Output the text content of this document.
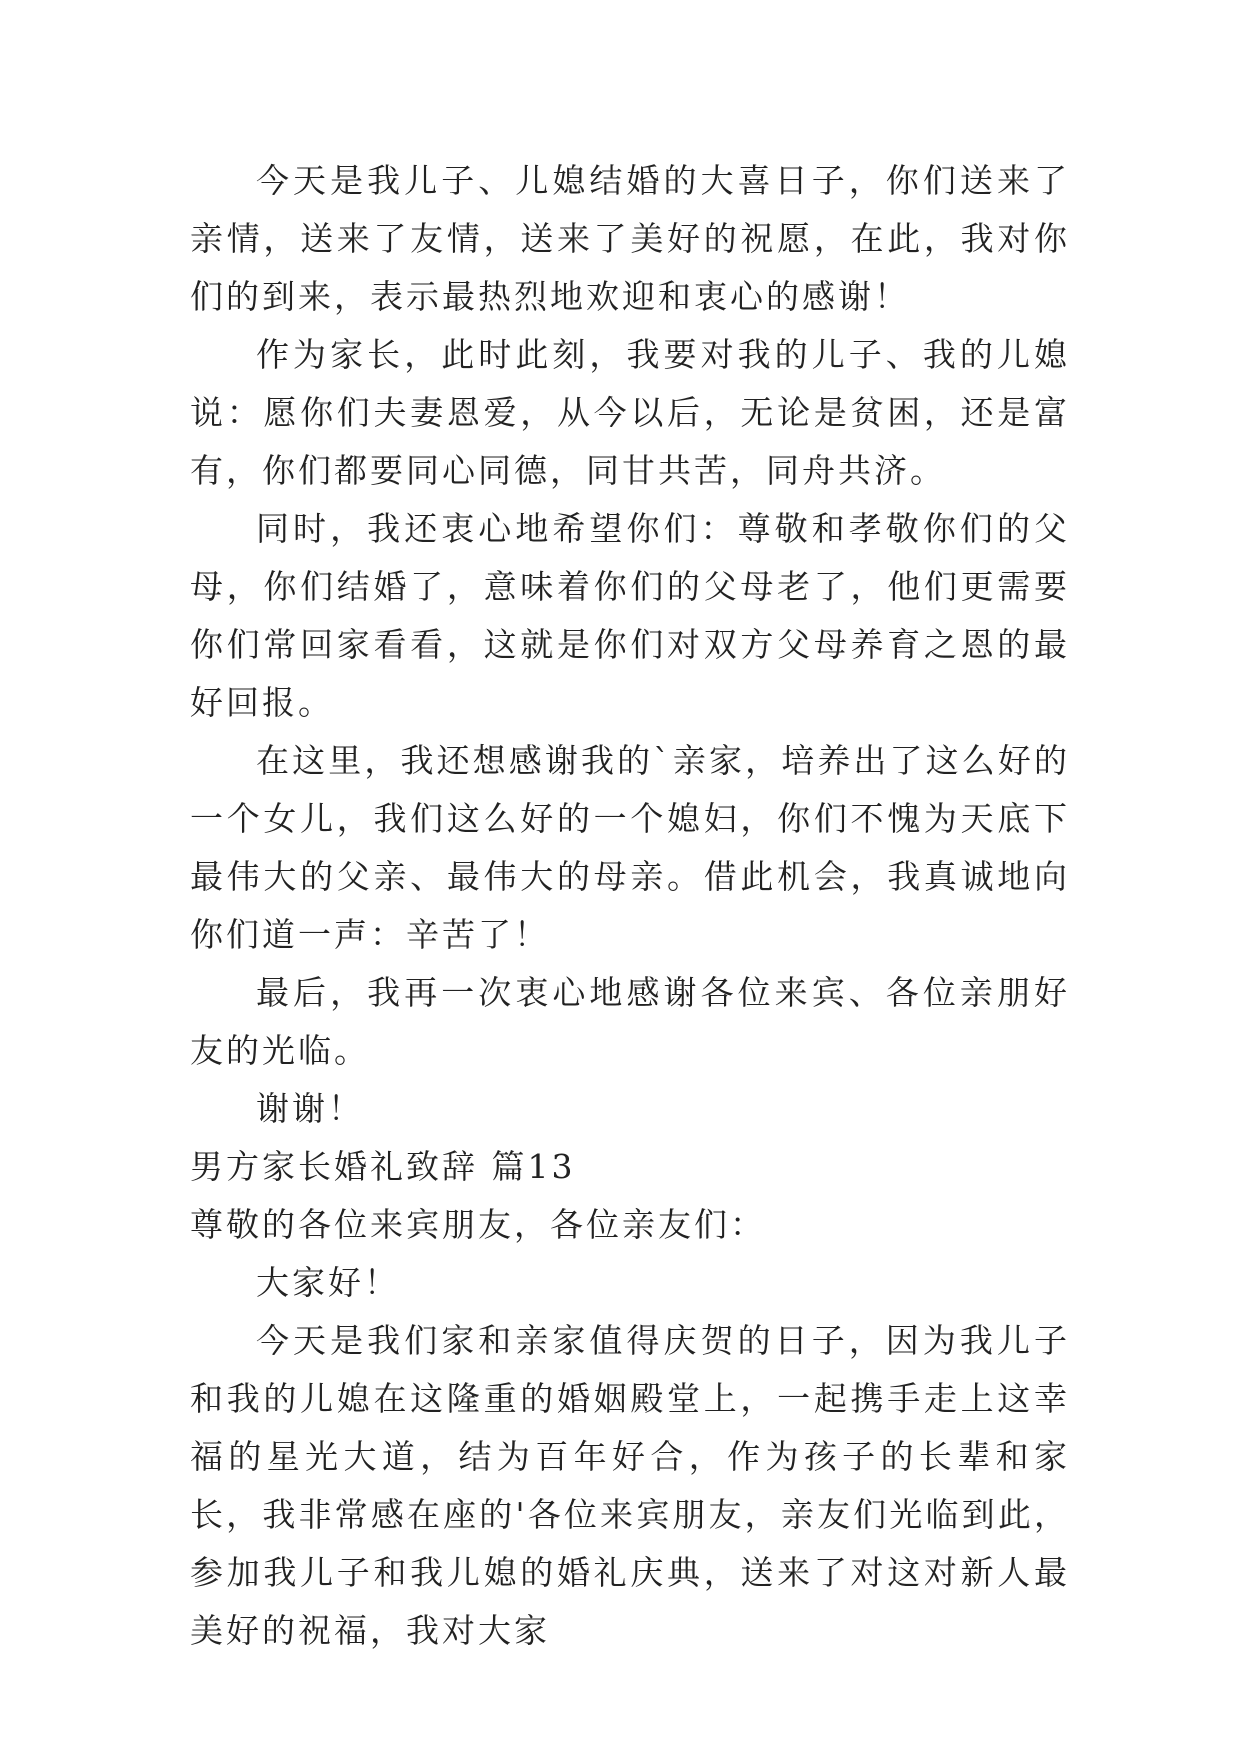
今天是我儿子、儿媳结婚的大喜日子，你们送来了亲情，送来了友情，送来了美好的祝愿，在此，我对你们的到来，表示最热烈地欢迎和衷心的感谢！

作为家长，此时此刻，我要对我的儿子、我的儿媳说：愿你们夫妻恩爱，从今以后，无论是贫困，还是富有，你们都要同心同德，同甘共苦，同舟共济。

同时，我还衷心地希望你们：尊敬和孝敬你们的父母，你们结婚了，意味着你们的父母老了，他们更需要你们常回家看看，这就是你们对双方父母养育之恩的最好回报。

在这里，我还想感谢我的`亲家，培养出了这么好的一个女儿，我们这么好的一个媳妇，你们不愧为天底下最伟大的父亲、最伟大的母亲。借此机会，我真诚地向你们道一声：辛苦了！

最后，我再一次衷心地感谢各位来宾、各位亲朋好友的光临。

谢谢！

男方家长婚礼致辞 篇13

尊敬的各位来宾朋友，各位亲友们：

大家好！

今天是我们家和亲家值得庆贺的日子，因为我儿子和我的儿媳在这隆重的婚姻殿堂上，一起携手走上这幸福的星光大道，结为百年好合，作为孩子的长辈和家长，我非常感在座的'各位来宾朋友，亲友们光临到此，参加我儿子和我儿媳的婚礼庆典，送来了对这对新人最美好的祝福，我对大家
